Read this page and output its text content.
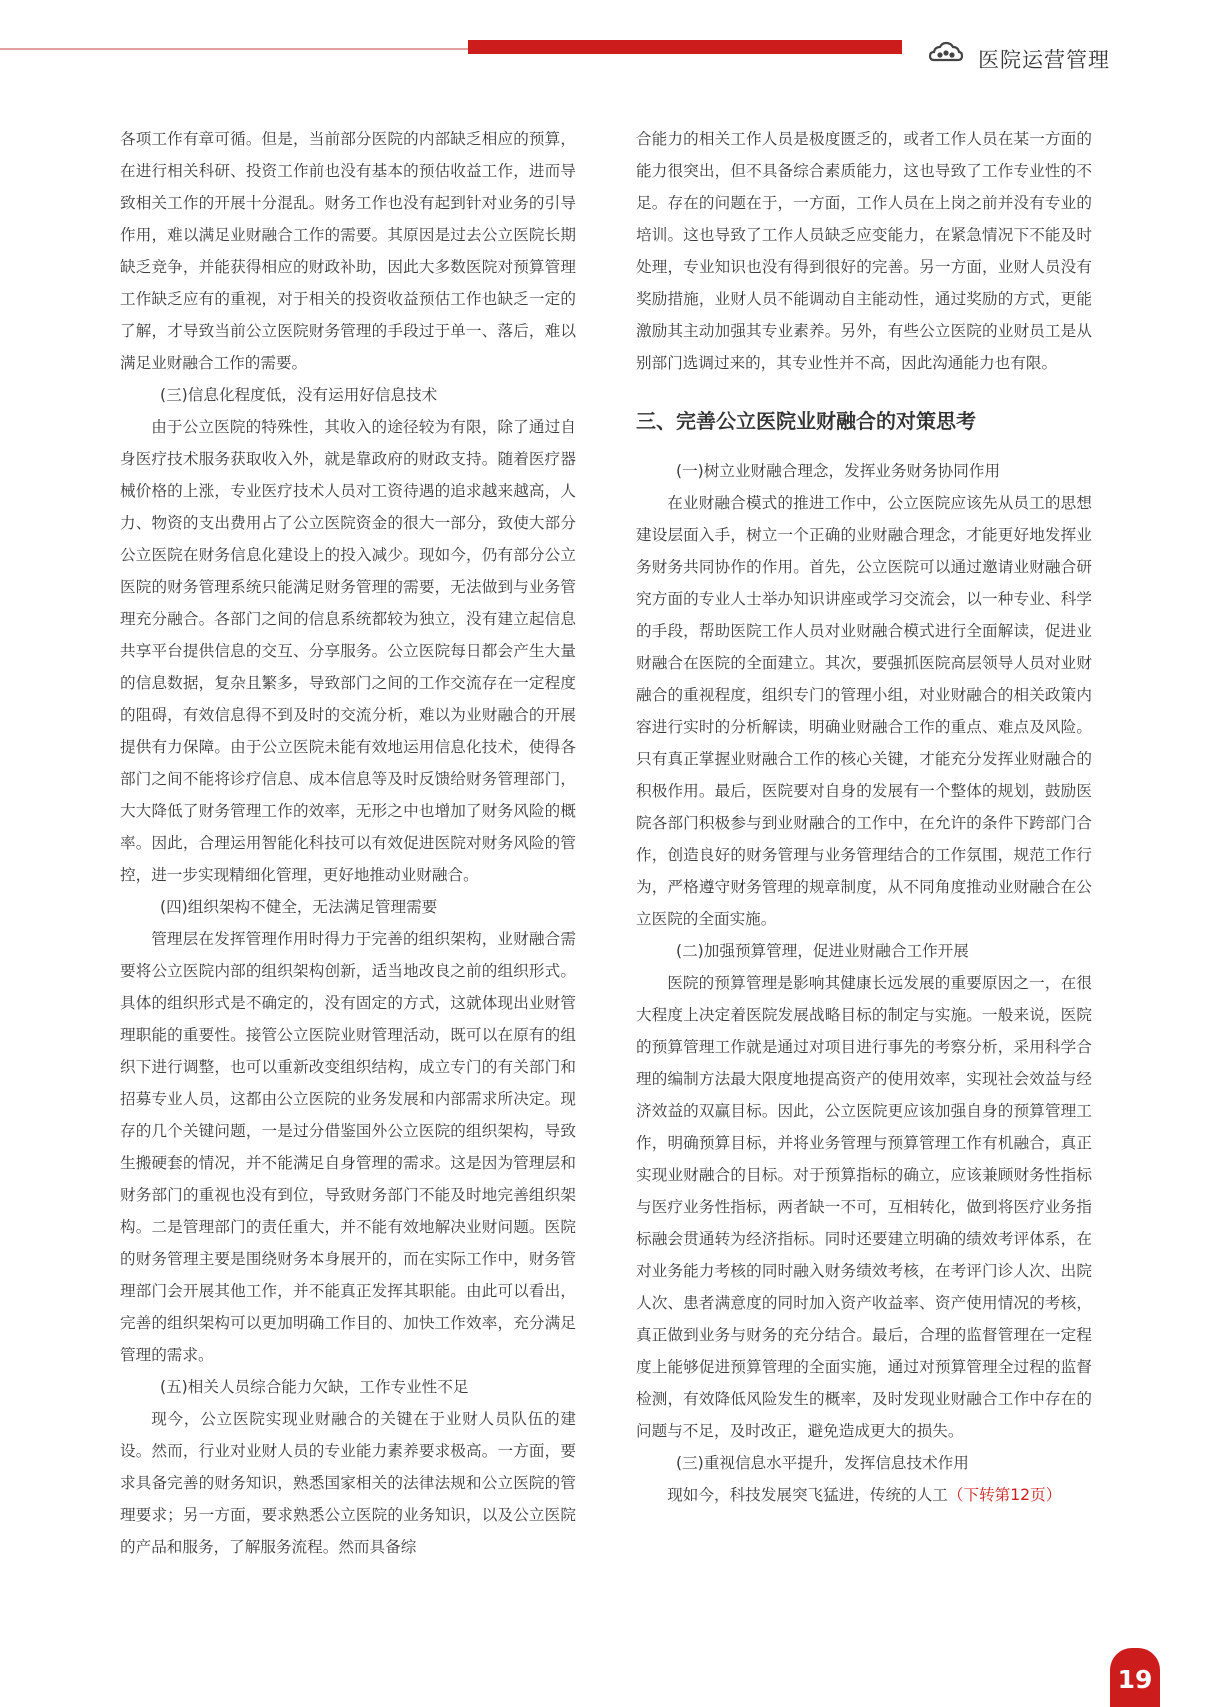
医院运营管理

各项工作有章可循。但是，当前部分医院的内部缺乏相应的预算，在进行相关科研、投资工作前也没有基本的预估收益工作，进而导致相关工作的开展十分混乱。财务工作也没有起到针对业务的引导作用，难以满足业财融合工作的需要。其原因是过去公立医院长期缺乏竞争，并能获得相应的财政补助，因此大多数医院对预算管理工作缺乏应有的重视，对于相关的投资收益预估工作也缺乏一定的了解，才导致当前公立医院财务管理的手段过于单一、落后，难以满足业财融合工作的需要。

(三)信息化程度低，没有运用好信息技术

由于公立医院的特殊性，其收入的途径较为有限，除了通过自身医疗技术服务获取收入外，就是靠政府的财政支持。随着医疗器械价格的上涨，专业医疗技术人员对工资待遇的追求越来越高，人力、物资的支出费用占了公立医院资金的很大一部分，致使大部分公立医院在财务信息化建设上的投入减少。现如今，仍有部分公立医院的财务管理系统只能满足财务管理的需要，无法做到与业务管理充分融合。各部门之间的信息系统都较为独立，没有建立起信息共享平台提供信息的交互、分享服务。公立医院每日都会产生大量的信息数据，复杂且繁多，导致部门之间的工作交流存在一定程度的阻碍，有效信息得不到及时的交流分析，难以为业财融合的开展提供有力保障。由于公立医院未能有效地运用信息化技术，使得各部门之间不能将诊疗信息、成本信息等及时反馈给财务管理部门，大大降低了财务管理工作的效率，无形之中也增加了财务风险的概率。因此，合理运用智能化科技可以有效促进医院对财务风险的管控，进一步实现精细化管理，更好地推动业财融合。

(四)组织架构不健全，无法满足管理需要

管理层在发挥管理作用时得力于完善的组织架构，业财融合需要将公立医院内部的组织架构创新，适当地改良之前的组织形式。具体的组织形式是不确定的，没有固定的方式，这就体现出业财管理职能的重要性。接管公立医院业财管理活动，既可以在原有的组织下进行调整，也可以重新改变组织结构，成立专门的有关部门和招募专业人员，这都由公立医院的业务发展和内部需求所决定。现存的几个关键问题，一是过分借鉴国外公立医院的组织架构，导致生搬硬套的情况，并不能满足自身管理的需求。这是因为管理层和财务部门的重视也没有到位，导致财务部门不能及时地完善组织架构。二是管理部门的责任重大，并不能有效地解决业财问题。医院的财务管理主要是围绕财务本身展开的，而在实际工作中，财务管理部门会开展其他工作，并不能真正发挥其职能。由此可以看出，完善的组织架构可以更加明确工作目的、加快工作效率，充分满足管理的需求。

(五)相关人员综合能力欠缺，工作专业性不足

现今，公立医院实现业财融合的关键在于业财人员队伍的建设。然而，行业对业财人员的专业能力素养要求极高。一方面，要求具备完善的财务知识，熟悉国家相关的法律法规和公立医院的管理要求；另一方面，要求熟悉公立医院的业务知识，以及公立医院的产品和服务，了解服务流程。然而具备综

合能力的相关工作人员是极度匮乏的，或者工作人员在某一方面的能力很突出，但不具备综合素质能力，这也导致了工作专业性的不足。存在的问题在于，一方面，工作人员在上岗之前并没有专业的培训。这也导致了工作人员缺乏应变能力，在紧急情况下不能及时处理，专业知识也没有得到很好的完善。另一方面，业财人员没有奖励措施，业财人员不能调动自主能动性，通过奖励的方式，更能激励其主动加强其专业素养。另外，有些公立医院的业财员工是从别部门选调过来的，其专业性并不高，因此沟通能力也有限。

三、完善公立医院业财融合的对策思考

(一)树立业财融合理念，发挥业务财务协同作用

在业财融合模式的推进工作中，公立医院应该先从员工的思想建设层面入手，树立一个正确的业财融合理念，才能更好地发挥业务财务共同协作的作用。首先，公立医院可以通过邀请业财融合研究方面的专业人士举办知识讲座或学习交流会，以一种专业、科学的手段，帮助医院工作人员对业财融合模式进行全面解读，促进业财融合在医院的全面建立。其次，要强抓医院高层领导人员对业财融合的重视程度，组织专门的管理小组，对业财融合的相关政策内容进行实时的分析解读，明确业财融合工作的重点、难点及风险。只有真正掌握业财融合工作的核心关键，才能充分发挥业财融合的积极作用。最后，医院要对自身的发展有一个整体的规划，鼓励医院各部门积极参与到业财融合的工作中，在允许的条件下跨部门合作，创造良好的财务管理与业务管理结合的工作氛围，规范工作行为，严格遵守财务管理的规章制度，从不同角度推动业财融合在公立医院的全面实施。

(二)加强预算管理，促进业财融合工作开展

医院的预算管理是影响其健康长远发展的重要原因之一，在很大程度上决定着医院发展战略目标的制定与实施。一般来说，医院的预算管理工作就是通过对项目进行事先的考察分析，采用科学合理的编制方法最大限度地提高资产的使用效率，实现社会效益与经济效益的双赢目标。因此，公立医院更应该加强自身的预算管理工作，明确预算目标，并将业务管理与预算管理工作有机融合，真正实现业财融合的目标。对于预算指标的确立，应该兼顾财务性指标与医疗业务性指标，两者缺一不可，互相转化，做到将医疗业务指标融会贯通转为经济指标。同时还要建立明确的绩效考评体系，在对业务能力考核的同时融入财务绩效考核，在考评门诊人次、出院人次、患者满意度的同时加入资产收益率、资产使用情况的考核，真正做到业务与财务的充分结合。最后，合理的监督管理在一定程度上能够促进预算管理的全面实施，通过对预算管理全过程的监督检测，有效降低风险发生的概率，及时发现业财融合工作中存在的问题与不足，及时改正，避免造成更大的损失。

(三)重视信息水平提升，发挥信息技术作用

现如今，科技发展突飞猛进，传统的人工（下转第12页）

19
